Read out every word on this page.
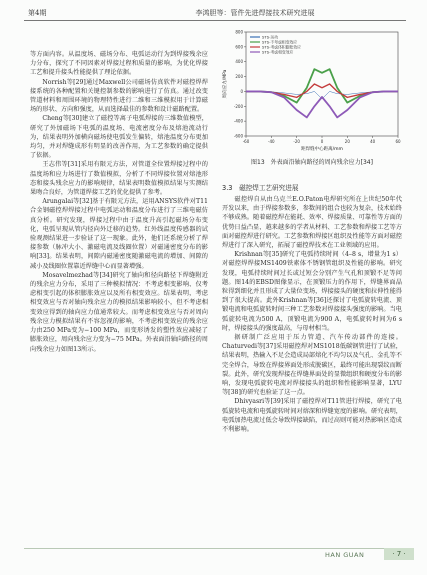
第4期	李鸿胆等：管件先进焊接技术研究进展

等方面内容。从温度场、磁场分布、电弧运动行为到焊接残余应力分布，探究了不同因素对焊接过程和质量的影响，为优化焊接工艺和提升接头性能提供了理论依据。

Norrish等[29]通过Maxwell公司磁场仿真软件对磁控焊焊接系统的各种配置和关键控制参数的影响进行了仿真。通过改变管道材料和周围环境的物理特性进行二维和三维模拟用于计算磁场的形状、方向和强度，从而选择最佳的参数和设计磁路配置。

Cheng等[30]建立了磁控等离子电弧焊接的三维数值模型，研究了外加磁场下电弧的温度场、电流密度分布及熔池流动行为，结果表明外加横向磁场使电弧发生偏转，熔池温度分布更加均匀，并对焊缝成形有明显的改善作用，为工艺参数的确定提供了依据。

王志伟等[31]采用有限元方法，对管道全位置焊接过程中的温度场和应力场进行了数值模拟，分析了不同焊接位置对熔池形态和接头残余应力的影响规律，结果表明数值模拟结果与实测结果吻合良好，为管道焊接工艺的优化提供了参考。

Arungalai等[32]基于有限元方法，运用ANSYS软件对T11合金钢磁控焊焊接过程中电弧运动和温度分布进行了三维电磁仿真分析。研究发现，焊接过程中由于温度升高引起磁场分布变化，电弧呈现从管内径向外迁移的趋势。红外线温度传感器的试验观测结果进一步验证了这一现象。此外，他们还系统分析了焊接参数（脉冲大小、激磁电流及线圈位置）对磁通密度分布的影响[33]。结果表明，间隙内磁通密度随激磁电流的增加、间隙的减小及线圈位置靠近焊缝中心而显著增强。

Mosavelmezhad等[34]研究了轴向和径向路径下焊缝附近的残余应力分布，采用了三种模拟情况：不考虑相变影响、仅考虑相变引起的体积膨胀效应以及所有相变效应。结果表明，考虑相变效应与否对轴向残余应力的模拟结果影响较小，但不考虑相变效应得到的轴向应力值通常较大。而考虑相变效应与否对周向残余应力模拟结果有不容忽视的影响，不考虑相变效应的残余应力由250 MPa变为−100 MPa，而变形诱发的塑性效应减轻了膨胀效应，周向残余应力变为−75 MPa。外表面沿轴向路径的周向残余应力如图13所示。

-600
-400
-200
0
200
400
600
800
-60	-40	-20	0	20	40	60
STS-运动
STS-不考虑相变效应
STS-考虑体积膨胀效应
STS-考虑相变效应
距焊缝中心距离/mm
周向应力/MPa
图13　外表面沿轴向路径的周向残余应力[34]
3.3　磁控焊工艺研究进展

磁控焊自从由乌克兰E.O.Paton电焊研究所在上世纪50年代开发以来，由于焊接参数多，参数间的组合也较为复杂，技术始终不够成熟。随着磁控焊在能耗、效率、焊接质量、可靠性等方面的优势日益凸显，越来越多的学者从材料、工艺参数和焊接工艺等方面对磁控焊进行研究。工艺参数和焊接区组织及性能等方面对磁控焊进行了深入研究，拓展了磁控焊技术在工业领域的应用。

Krishnan等[35]研究了电弧持续时间（4–8 s，增量为1 s）对磁控焊焊接MS1409铁素体不锈钢管组织及性能的影响。研究发现，电弧持续时间过长或过短会分别产生气孔和顶锻不足等问题。图14的EBSD图像显示，在顶锻压力的作用下，焊缝界面晶粒得到细化并且形成了大量位变场，焊接接头的硬度和拉伸性能得到了很大提高。此外Krishnan等[36]还探讨了电弧旋转电流、顶锻电流和电弧旋转时间三种工艺参数对焊接接头强度的影响。当电弧旋转电流为500 A，顶锻电流为900 A，电弧旋转时间为6 s时，焊接接头的强度最高，与母材相当。

据研制广泛应用于压力管道、汽车传动部件的连接。Chaturvedi等[37]采用磁控焊对MS1018低碳钢管进行了试验，结果表明，热输入不足会造成局部熔化不均匀以及气孔、金孔等不完全焊合，导致在焊接界面处形成脱碳区，最终可能出现裂纹而断裂。此外，研究发现焊接在焊缝界面处的显微组织和硬度分布的影响，发现电弧旋转电流对焊接接头的组织和性能影响显著，LYU等[38]的研究也验证了这一点。

Dhivyasri等[39]采用了磁控焊对T11管进行焊接，研究了电弧旋转电流和电弧旋转时间对熔深和焊缝宽度的影响。研究表明，电弧加热电流过低会导致焊接缺陷，而过高则可能对热影响区造成不利影响。

HAN GUAN	· 7 ·
